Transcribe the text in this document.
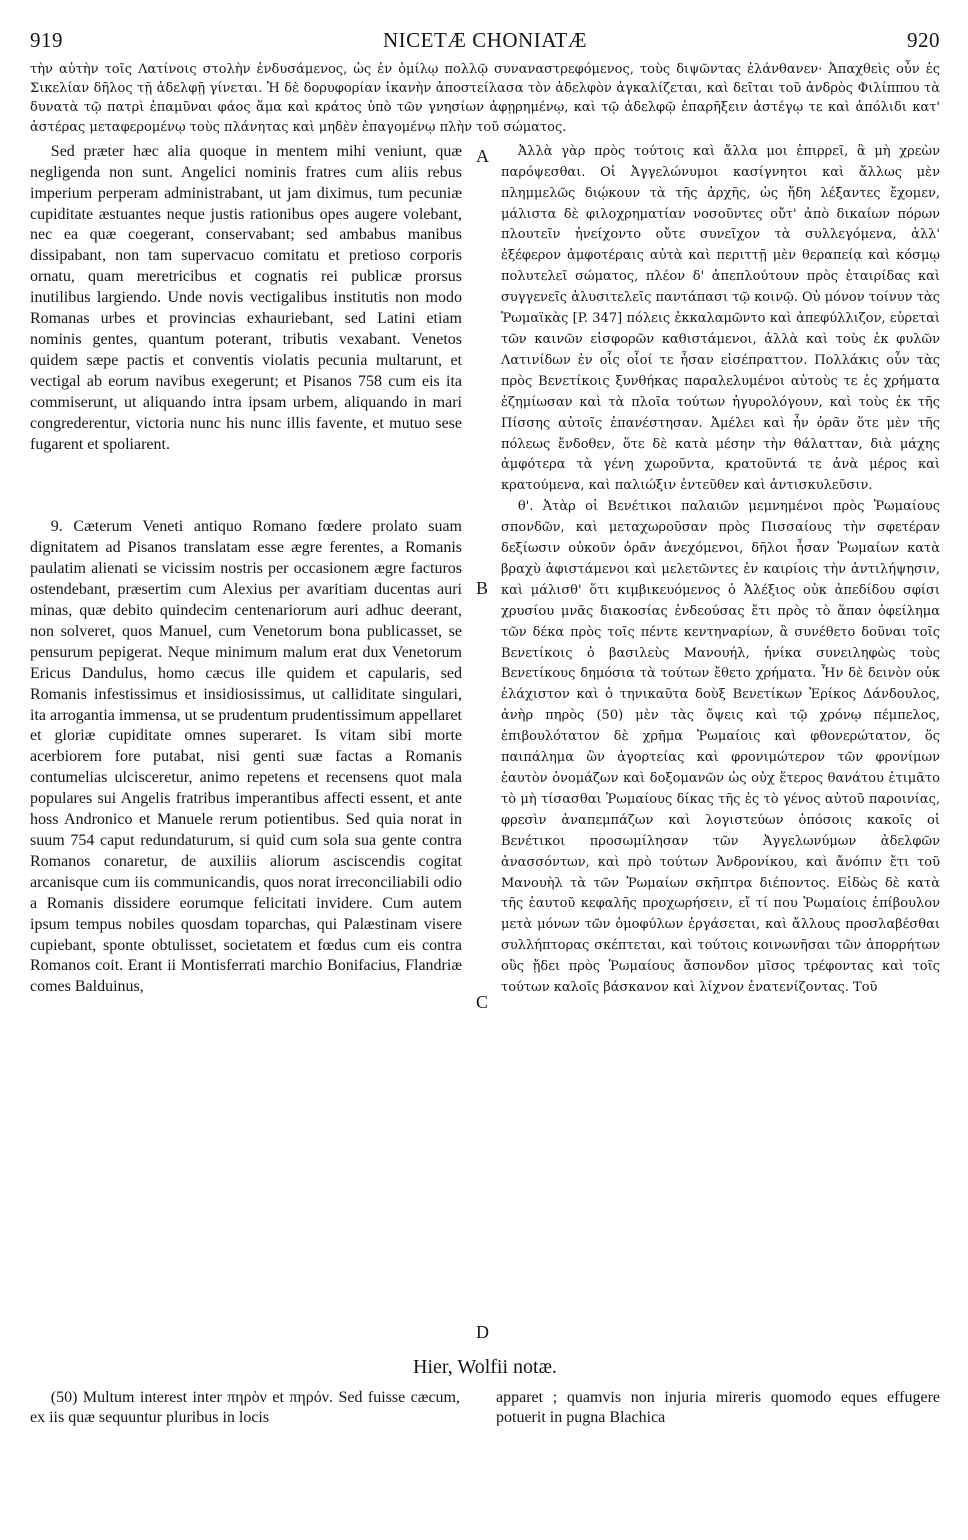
919	NICETÆ CHONIATÆ	920
τὴν αὐτὴν τοῖς Λατίνοις στολὴν ἐνδυσάμενος, ὡς ἐν ὁμίλῳ πολλῷ συναναστρεφόμενος, τοὺς διψῶντας ἐλάνθανεν· Ἀπαχθεὶς οὖν ἐς Σικελίαν δῆλος τῇ ἀδελφῇ γίνεται. Ἡ δὲ δορυφορίαν ἱκανὴν ἀποστείλασα τὸν ἀδελφὸν ἀγκαλίζεται, καὶ δεῖται τοῦ ἀνδρὸς Φιλίππου τὰ δυνατὰ τῷ πατρὶ ἐπαμῦναι φάος ἅμα καὶ κράτος ὑπὸ τῶν γνησίων ἀφῃρημένῳ, καὶ τῷ ἀδελφῷ ἐπαρῆξειν ἀστέγῳ τε καὶ ἀπόλιδι κατ' ἀστέρας μεταφερομένῳ τοὺς πλάνητας καὶ μηδὲν ἐπαγομένῳ πλὴν τοῦ σώματος.

Sed præter hæc alia quoque in mentem mihi veniunt, quæ negligenda non sunt. Angelici nominis fratres cum aliis rebus imperium perperam administrabant, ut jam diximus, tum pecuniæ cupiditate æstuantes neque justis rationibus opes augere volebant, nec ea quæ coegerant, conservabant; sed ambabus manibus dissipabant, non tam supervacuo comitatu et pretioso corporis ornatu, quam meretricibus et cognatis rei publicæ prorsus inutilibus largiendo. Unde novis vectigalibus institutis non modo Romanas urbes et provincias exhauriebant, sed Latini etiam nominis gentes, quantum poterant, tributis vexabant. Venetos quidem sæpe pactis et conventis violatis pecunia multarunt, et vectigal ab eorum navibus exegerunt; et Pisanos 758 cum eis ita commiserunt, ut aliquando intra ipsam urbem, aliquando in mari congrederentur, victoria nunc his nunc illis favente, et mutuo sese fugarent et spoliarent.

9. Cæterum Veneti antiquo Romano fœdere prolato suam dignitatem ad Pisanos translatam esse ægre ferentes, a Romanis paulatim alienati se vicissim nostris per occasionem ægre facturos ostendebant, præsertim cum Alexius per avaritiam ducentas auri minas, quæ debito quindecim centenariorum auri adhuc deerant, non solveret, quos Manuel, cum Venetorum bona publicasset, se pensurum pepigerat. Neque minimum malum erat dux Venetorum Ericus Dandulus, homo cæcus ille quidem et capularis, sed Romanis infestissimus et insidiosissimus, ut calliditate singulari, ita arrogantia immensa, ut se prudentum prudentissimum appellaret et gloriæ cupiditate omnes superaret. Is vitam sibi morte acerbiorem fore putabat, nisi genti suæ factas a Romanis contumelias ulcisceretur, animo repetens et recensens quot mala populares sui Angelis fratribus imperantibus affecti essent, et ante hoss Andronico et Manuele rerum potientibus. Sed quia norat in suum 754 caput redundaturum, si quid cum sola sua gente contra Romanos conaretur, de auxiliis aliorum asciscendis cogitat arcanisque cum iis communicandis, quos norat irreconciliabili odio a Romanis dissidere eorumque felicitati invidere. Cum autem ipsum tempus nobiles quosdam toparchas, qui Palæstinam visere cupiebant, sponte obtulisset, societatem et fœdus cum eis contra Romanos coit. Erant ii Montisferrati marchio Bonifacius, Flandriæ comes Balduinus,

A
B
C
D

Ἀλλὰ γὰρ πρὸς τούτοις καὶ ἄλλα μοι ἐπιρρεῖ, ἃ μὴ χρεὼν παρόψεσθαι. Οἱ Ἀγγελώνυμοι κασίγνητοι καὶ ἄλλως μὲν πλημμελῶς διῴκουν τὰ τῆς ἀρχῆς, ὡς ἤδη λέξαντες ἔχομεν, μάλιστα δὲ φιλοχρηματίαν νοσοῦντες οὔτ' ἀπὸ δικαίων πόρων πλουτεῖν ἠνείχοντο οὔτε συνεῖχον τὰ συλλεγόμενα, ἀλλ' ἐξέφερον ἀμφοτέραις αὐτὰ καὶ περιττῇ μὲν θεραπείᾳ καὶ κόσμῳ πολυτελεῖ σώματος, πλέον δ' ἀπεπλούτουν πρὸς ἑταιρίδας καὶ συγγενεῖς ἀλυσιτελεῖς παντάπασι τῷ κοινῷ. Οὐ μόνον τοίνυν τὰς Ῥωμαϊκὰς [P. 347] πόλεις ἐκκαλαμῶντο καὶ ἀπεφύλλιζον, εὑρεταὶ τῶν καινῶν εἰσφορῶν καθιστάμενοι, ἀλλὰ καὶ τοὺς ἐκ φυλῶν Λατινίδων ἐν οἷς οἷοί τε ἦσαν εἰσέπραττον. Πολλάκις οὖν τὰς πρὸς Βενετίκοις ξυνθήκας παραλελυμένοι αὐτοὺς τε ἐς χρήματα ἐζημίωσαν καὶ τὰ πλοῖα τούτων ἠγυρολόγουν, καὶ τοὺς ἐκ τῆς Πίσσης αὐτοῖς ἐπανέστησαν. Ἀμέλει καὶ ἦν ὁρᾶν ὅτε μὲν τῆς πόλεως ἔνδοθεν, ὅτε δὲ κατὰ μέσην τὴν θάλατταν, διὰ μάχης ἀμφότερα τὰ γένη χωροῦντα, κρατοῦντά τε ἀνὰ μέρος καὶ κρατούμενα, καὶ παλιώξιν ἐντεῦθεν καὶ ἀντισκυλεῦσιν.

θ'. Ἀτὰρ οἱ Βενέτικοι παλαιῶν μεμνημένοι πρὸς Ῥωμαίους σπονδῶν, καὶ μεταχωροῦσαν πρὸς Πισσαίους τὴν σφετέραν δεξίωσιν οὐκοῦν ὁρᾶν ἀνεχόμενοι, δῆλοι ἦσαν Ῥωμαίων κατὰ βραχὺ ἀφιστάμενοι καὶ μελετῶντες ἐν καιρίοις τὴν ἀντιλήψησιν, καὶ μάλισθ' ὅτι κιμβικευόμενος ὁ Ἀλέξιος οὐκ ἀπεδίδου σφίσι χρυσίου μνᾶς διακοσίας ἐνδεούσας ἔτι πρὸς τὸ ἅπαν ὀφείλημα τῶν δέκα πρὸς τοῖς πέντε κεντηναρίων, ἃ συνέθετο δοῦναι τοῖς Βενετίκοις ὁ βασιλεὺς Μανουήλ, ἡνίκα συνειληφὼς τοὺς Βενετίκους δημόσια τὰ τούτων ἔθετο χρήματα. Ἦν δὲ δεινὸν οὐκ ἐλάχιστον καὶ ὁ τηνικαῦτα δοὺξ Βενετίκων Ἐρίκος Δάνδουλος, ἀνὴρ πηρὸς (50) μὲν τὰς ὄψεις καὶ τῷ χρόνῳ πέμπελος, ἐπιβουλότατον δὲ χρῆμα Ῥωμαίοις καὶ φθονερώτατον, ὅς παιπάλημα ὢν ἀγορτείας καὶ φρονιμώτερον τῶν φρονίμων ἑαυτὸν ὀνομάζων καὶ δοξομανῶν ὡς οὐχ ἕτερος θανάτου ἐτιμᾶτο τὸ μὴ τίσασθαι Ῥωμαίους δίκας τῆς ἐς τὸ γένος αὐτοῦ παροινίας, φρεσὶν ἀναπεμπάζων καὶ λογιστεύων ὁπόσοις κακοῖς οἱ Βενέτικοι προσωμίλησαν τῶν Ἀγγελωνύμων ἀδελφῶν ἀνασσόντων, καὶ πρὸ τούτων Ἀνδρονίκου, καὶ ἄνόπιν ἔτι τοῦ Μανουὴλ τὰ τῶν Ῥωμαίων σκῆπτρα διέποντος. Εἰδὼς δὲ κατὰ τῆς ἑαυτοῦ κεφαλῆς προχωρήσειν, εἴ τί που Ῥωμαίοις ἐπίβουλον μετὰ μόνων τῶν ὁμοφύλων ἐργάσεται, καὶ ἄλλους προσλαβέσθαι συλλήπτορας σκέπτεται, καὶ τούτοις κοινωνῆσαι τῶν ἀπορρήτων οὓς ᾔδει πρὸς Ῥωμαίους ἄσπονδον μῖσος τρέφοντας καὶ τοῖς τούτων καλοῖς βάσκανον καὶ λίχνον ἐνατενίζοντας. Τοῦ

Hier, Wolfii notæ.

(50) Multum interest inter πηρὸν et πηρόν. Sed fuisse cæcum, ex iis quæ sequuntur pluribus in locis

apparet ; quamvis non injuria mireris quomodo eques effugere potuerit in pugna Blachica
